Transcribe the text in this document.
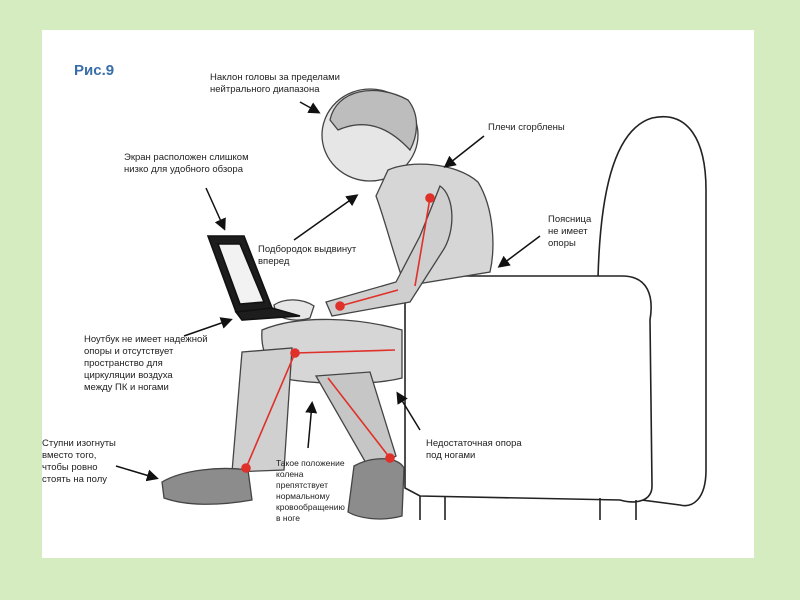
Рис.9	Наклон головы за пределами
нейтрального диапазона
Плечи сгорблены
Экран расположен слишком
низко для удобного обзора
Поясница
не имеет
опоры
Подбородок выдвинут
вперед
Ноутбук не имеет надежной
опоры и отсутствует
пространство для
циркуляции воздуха
между ПК и ногами
Ступни изогнуты
вместо того,
чтобы ровно
стоять на полу
Такое положение
колена
препятствует
нормальному
кровообращению
в ноге
Недостаточная опора
под ногами
